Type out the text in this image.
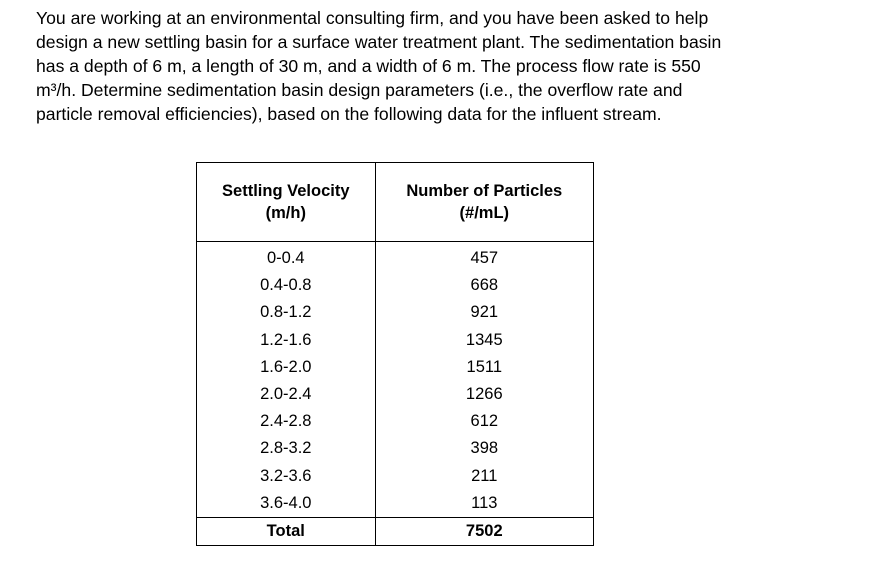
You are working at an environmental consulting firm, and you have been asked to help
design a new settling basin for a surface water treatment plant. The sedimentation basin
has a depth of 6 m, a length of 30 m, and a width of 6 m. The process flow rate is 550
m³/h. Determine sedimentation basin design parameters (i.e., the overflow rate and
particle removal efficiencies), based on the following data for the influent stream.
Settling Velocity
(m/h)	Number of Particles
(#/mL)

0-0.4	457
0.4-0.8	668
0.8-1.2	921
1.2-1.6	1345
1.6-2.0	1511
2.0-2.4	1266
2.4-2.8	612
2.8-3.2	398
3.2-3.6	211
3.6-4.0	113
Total	7502
